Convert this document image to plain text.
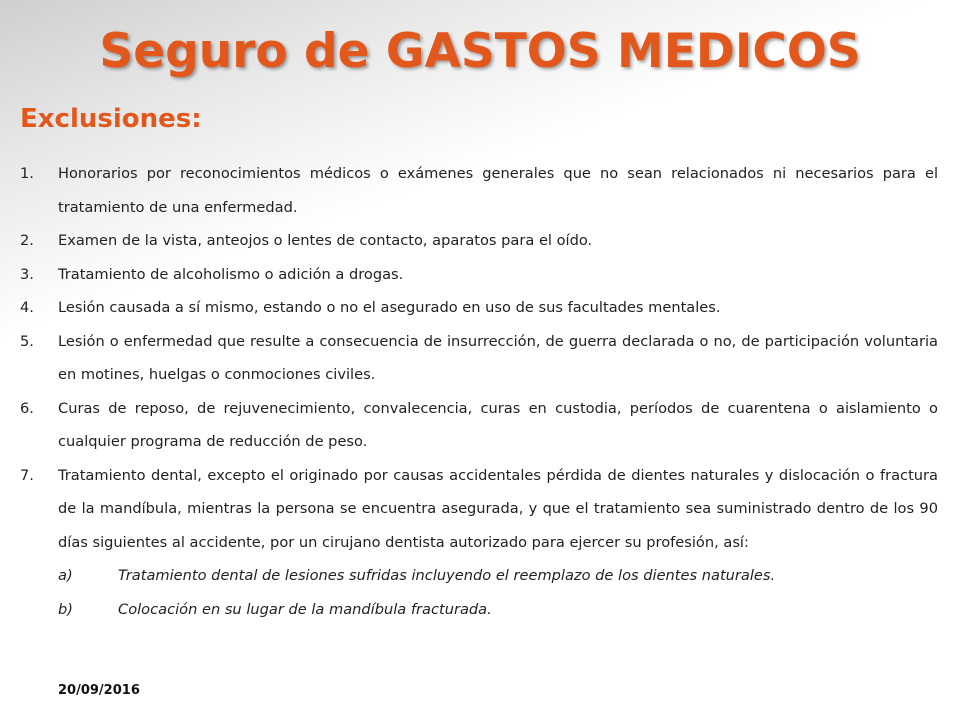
Seguro de GASTOS MEDICOS
Exclusiones:
1. Honorarios por reconocimientos médicos o exámenes generales que no sean relacionados ni necesarios para el tratamiento de una enfermedad.
2. Examen de la vista, anteojos o lentes de contacto, aparatos para el oído.
3. Tratamiento de alcoholismo o adición a drogas.
4. Lesión causada a sí mismo, estando o no el asegurado en uso de sus facultades mentales.
5. Lesión o enfermedad que resulte a consecuencia de insurrección, de guerra declarada o no, de participación voluntaria en motines, huelgas o conmociones civiles.
6. Curas de reposo, de rejuvenecimiento, convalecencia, curas en custodia, períodos de cuarentena o aislamiento o cualquier programa de reducción de peso.
7. Tratamiento dental, excepto el originado por causas accidentales pérdida de dientes naturales y dislocación o fractura de la mandíbula, mientras la persona se encuentra asegurada, y que el tratamiento sea suministrado dentro de los 90 días siguientes al accidente, por un cirujano dentista autorizado para ejercer su profesión, así:
a)	Tratamiento dental de lesiones sufridas incluyendo el reemplazo de los dientes naturales.
b)	Colocación en su lugar de la mandíbula fracturada.
20/09/2016
